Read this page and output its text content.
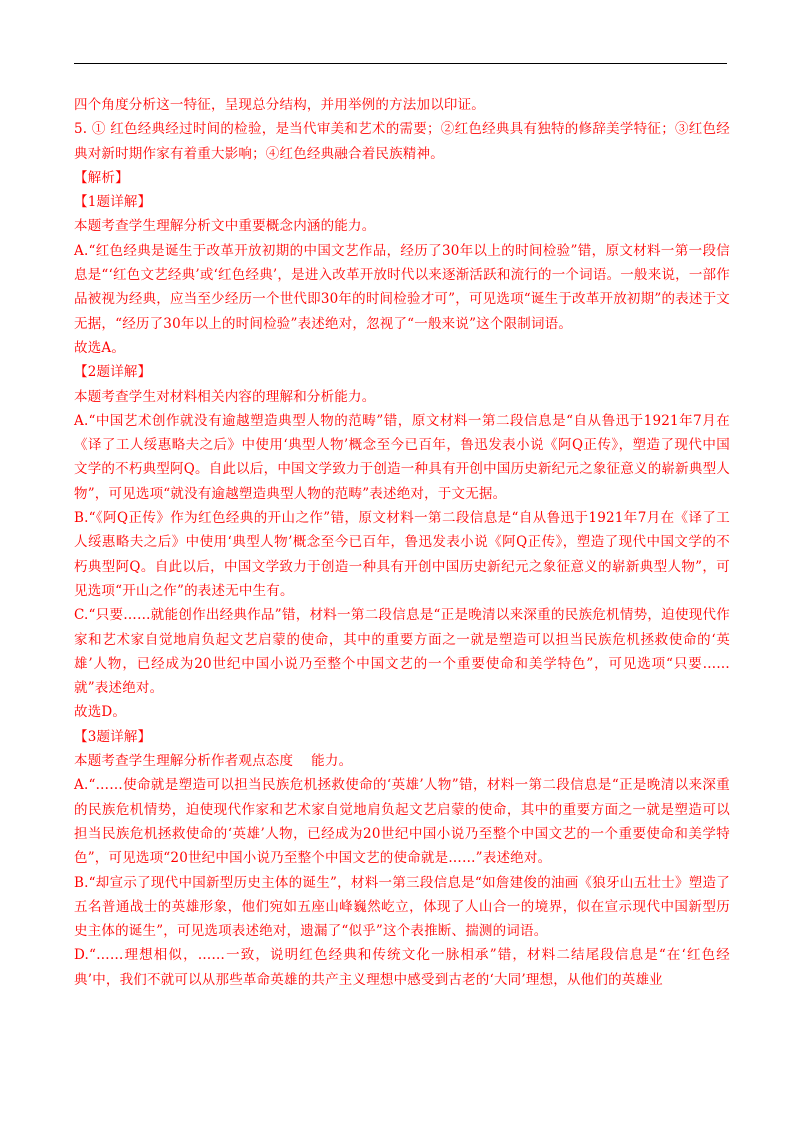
四个角度分析这一特征，呈现总分结构，并用举例的方法加以印证。

5. ① 红色经典经过时间的检验，是当代审美和艺术的需要；②红色经典具有独特的修辞美学特征；③红色经典对新时期作家有着重大影响；④红色经典融合着民族精神。

【解析】

【1题详解】

本题考查学生理解分析文中重要概念内涵的能力。

A.“红色经典是诞生于改革开放初期的中国文艺作品，经历了30年以上的时间检验”错，原文材料一第一段信息是“‘红色文艺经典’或‘红色经典’，是进入改革开放时代以来逐渐活跃和流行的一个词语。一般来说，一部作品被视为经典，应当至少经历一个世代即30年的时间检验才可”，可见选项“诞生于改革开放初期”的表述于文无据，“经历了30年以上的时间检验”表述绝对，忽视了“一般来说”这个限制词语。

故选A。

【2题详解】

本题考查学生对材料相关内容的理解和分析能力。

A.“中国艺术创作就没有逾越塑造典型人物的范畴”错，原文材料一第二段信息是“自从鲁迅于1921年7月在《译了工人绥惠略夫之后》中使用‘典型人物’概念至今已百年，鲁迅发表小说《阿Q正传》，塑造了现代中国文学的不朽典型阿Q。自此以后，中国文学致力于创造一种具有开创中国历史新纪元之象征意义的崭新典型人物”，可见选项“就没有逾越塑造典型人物的范畴”表述绝对，于文无据。

B.“《阿Q正传》作为红色经典的开山之作”错，原文材料一第二段信息是“自从鲁迅于1921年7月在《译了工人绥惠略夫之后》中使用‘典型人物’概念至今已百年，鲁迅发表小说《阿Q正传》，塑造了现代中国文学的不朽典型阿Q。自此以后，中国文学致力于创造一种具有开创中国历史新纪元之象征意义的崭新典型人物”，可见选项“开山之作”的表述无中生有。

C.“只要……就能创作出经典作品”错，材料一第二段信息是“正是晚清以来深重的民族危机情势，迫使现代作家和艺术家自觉地肩负起文艺启蒙的使命，其中的重要方面之一就是塑造可以担当民族危机拯救使命的‘英雄’人物，已经成为20世纪中国小说乃至整个中国文艺的一个重要使命和美学特色”，可见选项“只要……就”表述绝对。

故选D。

【3题详解】

本题考查学生理解分析作者观点态度    能力。

A.“……使命就是塑造可以担当民族危机拯救使命的‘英雄’人物”错，材料一第二段信息是“正是晚清以来深重的民族危机情势，迫使现代作家和艺术家自觉地肩负起文艺启蒙的使命，其中的重要方面之一就是塑造可以担当民族危机拯救使命的‘英雄’人物，已经成为20世纪中国小说乃至整个中国文艺的一个重要使命和美学特色”，可见选项“20世纪中国小说乃至整个中国文艺的使命就是……”表述绝对。

B.“却宣示了现代中国新型历史主体的诞生”，材料一第三段信息是“如詹建俊的油画《狼牙山五壮士》塑造了五名普通战士的英雄形象，他们宛如五座山峰巍然屹立，体现了人山合一的境界，似在宣示现代中国新型历史主体的诞生”，可见选项表述绝对，遗漏了“似乎”这个表推断、揣测的词语。

D.“……理想相似，……一致，说明红色经典和传统文化一脉相承”错，材料二结尾段信息是“在‘红色经典’中，我们不就可以从那些革命英雄的共产主义理想中感受到古老的‘大同’理想，从他们的英雄业
